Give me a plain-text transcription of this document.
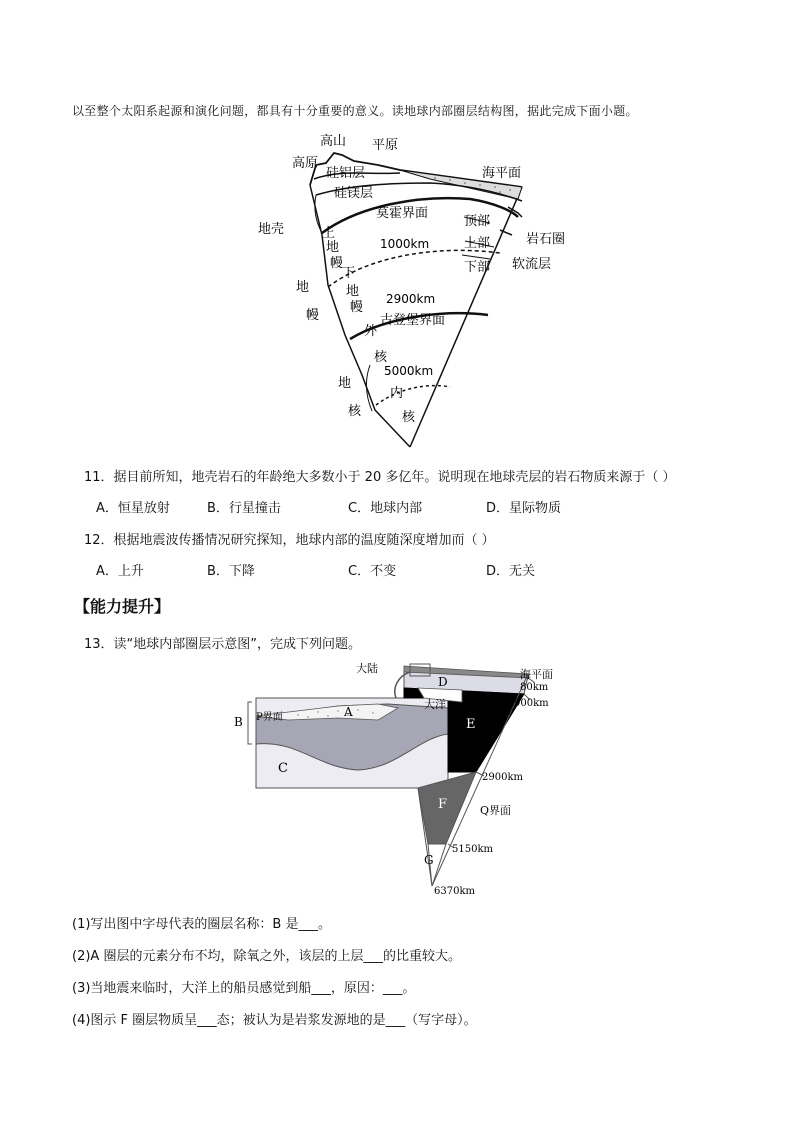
以至整个太阳系起源和演化问题，都具有十分重要的意义。读地球内部圈层结构图，据此完成下面小题。
高山 平原
高原
海平面
硅铝层
硅镁层
莫霍界面
顶部
岩石圈
地壳	上
1000km	上部
地
幔	下部 软流层
下
地	地
幔
2900km
幔	古登堡界面
外
核
5000km
地
内
核	核
11．据目前所知，地壳岩石的年龄绝大多数小于 20 多亿年。说明现在地球壳层的岩石物质来源于（ ）
A．恒星放射	B．行星撞击	C．地球内部	D．星际物质
12．根据地震波传播情况研究探知，地球内部的温度随深度增加而（ ）
A．上升	B．下降	C．不变	D．无关
【能力提升】
13．读“地球内部圈层示意图”，完成下列问题。
大陆	海平面
80km
900km
D
大洋
E
A
P界面
B
C
2900km
F	Q界面
5150km
G
6370km
(1)写出图中字母代表的圈层名称：B 是___。
(2)A 圈层的元素分布不均，除氧之外，该层的上层___的比重较大。
(3)当地震来临时，大洋上的船员感觉到船___，原因：___。
(4)图示 F 圈层物质呈___态；被认为是岩浆发源地的是___（写字母）。
